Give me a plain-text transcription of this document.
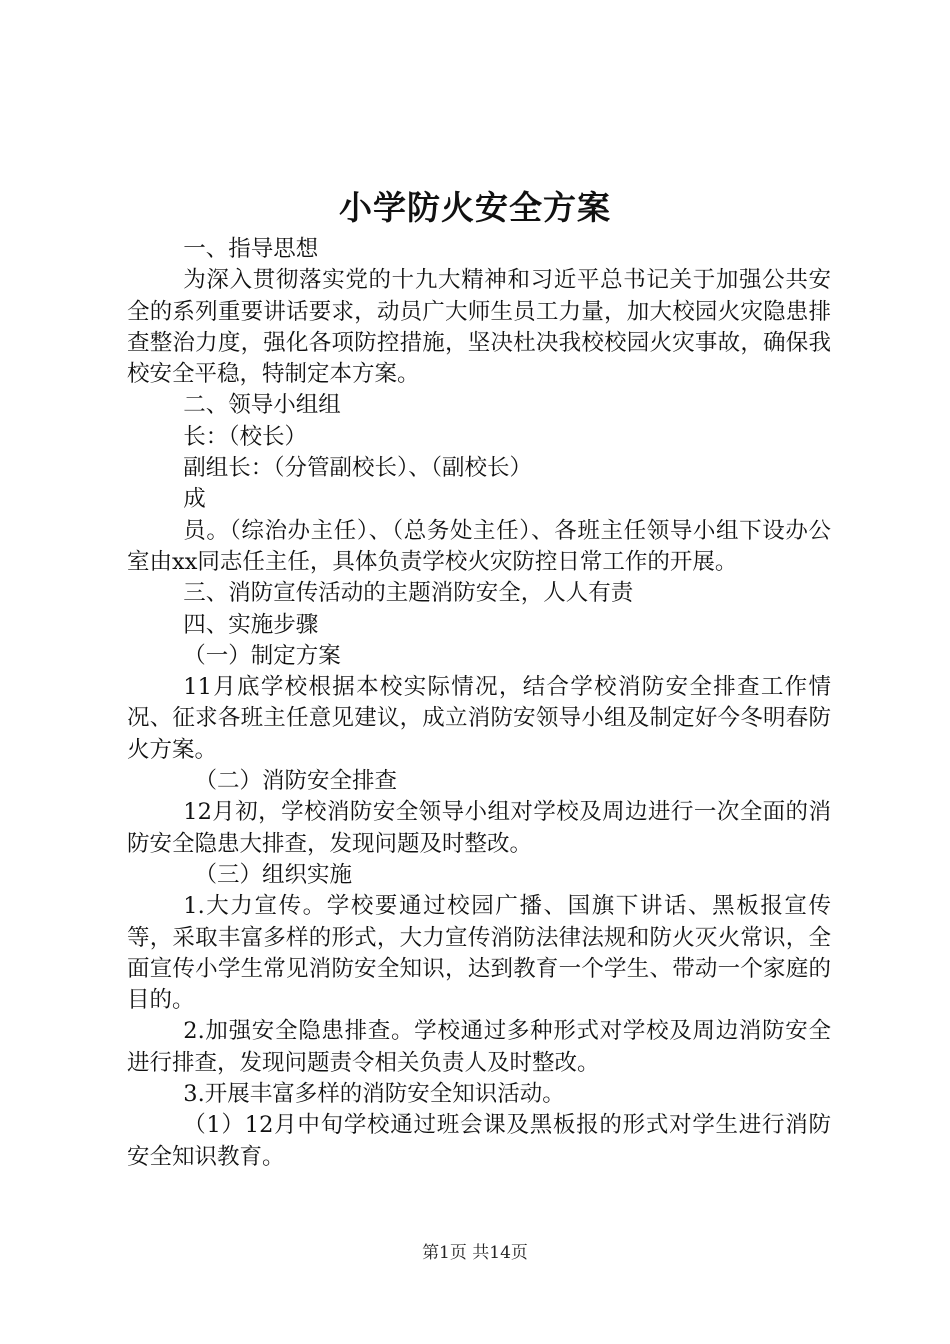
小学防火安全方案

一、指导思想

为深入贯彻落实党的十九大精神和习近平总书记关于加强公共安全的系列重要讲话要求，动员广大师生员工力量，加大校园火灾隐患排查整治力度，强化各项防控措施，坚决杜决我校校园火灾事故，确保我校安全平稳，特制定本方案。

二、领导小组组

长：（校长）

副组长：（分管副校长）、（副校长）

成

员。（综治办主任）、（总务处主任）、各班主任领导小组下设办公室由xx同志任主任，具体负责学校火灾防控日常工作的开展。

三、消防宣传活动的主题消防安全，人人有责

四、实施步骤

（一）制定方案

11月底学校根据本校实际情况，结合学校消防安全排查工作情况、征求各班主任意见建议，成立消防安领导小组及制定好今冬明春防火方案。

（二）消防安全排查

12月初，学校消防安全领导小组对学校及周边进行一次全面的消防安全隐患大排查，发现问题及时整改。

（三）组织实施

1.大力宣传。学校要通过校园广播、国旗下讲话、黑板报宣传等，采取丰富多样的形式，大力宣传消防法律法规和防火灭火常识，全面宣传小学生常见消防安全知识，达到教育一个学生、带动一个家庭的目的。

2.加强安全隐患排查。学校通过多种形式对学校及周边消防安全进行排查，发现问题责令相关负责人及时整改。

3.开展丰富多样的消防安全知识活动。

（1）12月中旬学校通过班会课及黑板报的形式对学生进行消防安全知识教育。

第1页 共14页
